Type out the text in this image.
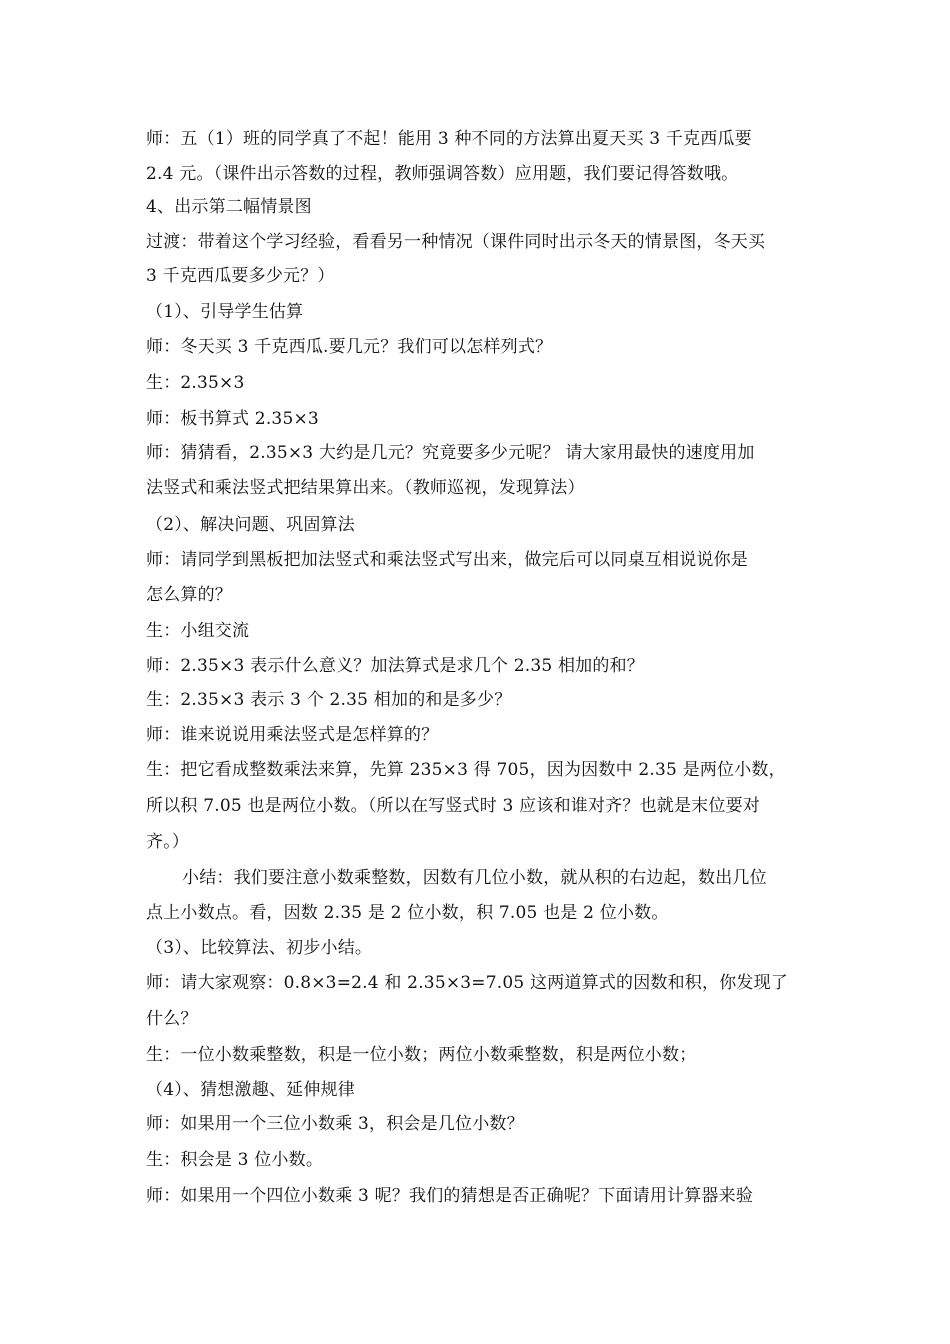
师：五（1）班的同学真了不起！能用 3 种不同的方法算出夏天买 3 千克西瓜要
2.4 元。（课件出示答数的过程，教师强调答数）应用题，我们要记得答数哦。
4、出示第二幅情景图
过渡：带着这个学习经验，看看另一种情况（课件同时出示冬天的情景图，冬天买
3 千克西瓜要多少元？）
（1）、引导学生估算
师：冬天买 3 千克西瓜.要几元？我们可以怎样列式？
生：2.35×3
师：板书算式 2.35×3
师：猜猜看，2.35×3 大约是几元？究竟要多少元呢？ 请大家用最快的速度用加
法竖式和乘法竖式把结果算出来。（教师巡视，发现算法）
（2）、解决问题、巩固算法
师：请同学到黑板把加法竖式和乘法竖式写出来，做完后可以同桌互相说说你是
怎么算的？
生：小组交流
师：2.35×3 表示什么意义？加法算式是求几个 2.35 相加的和？
生：2.35×3 表示 3 个 2.35 相加的和是多少？
师：谁来说说用乘法竖式是怎样算的？
生：把它看成整数乘法来算，先算 235×3 得 705，因为因数中 2.35 是两位小数，
所以积 7.05 也是两位小数。（所以在写竖式时 3 应该和谁对齐？也就是末位要对
齐。）
小结：我们要注意小数乘整数，因数有几位小数，就从积的右边起，数出几位
点上小数点。看，因数 2.35 是 2 位小数，积 7.05 也是 2 位小数。
（3）、比较算法、初步小结。
师：请大家观察：0.8×3=2.4 和 2.35×3=7.05 这两道算式的因数和积，你发现了
什么？
生：一位小数乘整数，积是一位小数；两位小数乘整数，积是两位小数；
（4）、猜想激趣、延伸规律
师：如果用一个三位小数乘 3，积会是几位小数？
生：积会是 3 位小数。
师：如果用一个四位小数乘 3 呢？我们的猜想是否正确呢？下面请用计算器来验
